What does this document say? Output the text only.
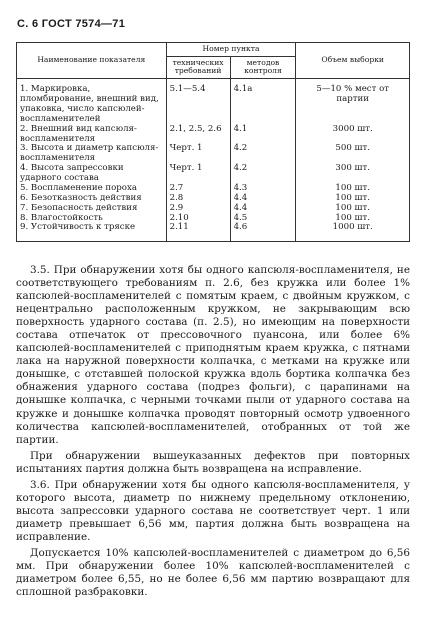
С. 6 ГОСТ 7574—71
Наименование показателя	Номер пункта		Объем выборки
	технических требований	методов контроля	
1. Маркировка, пломбирование, внешний вид, упаковка, число капсюлей-воспламенителей	5.1—5.4	4.1а	5—10 % мест от партии
2. Внешний вид капсюля-воспламенителя	2.1, 2.5, 2.6	4.1	3000 шт.
3. Высота и диаметр капсюля-воспламенителя	Черт. 1	4.2	500 шт.
4. Высота запрессовки ударного состава	Черт. 1	4.2	300 шт.
5. Воспламенение пороха	2.7	4.3	100 шт.
6. Безотказность действия	2.8	4.4	100 шт.
7. Безопасность действия	2.9	4.4	100 шт.
8. Влагостойкость	2.10	4.5	100 шт.
9. Устойчивость к тряске	2.11	4.6	1000 шт.

3.5. При обнаружении хотя бы одного капсюля-воспламенителя, не соответствующего требованиям п. 2.6, без кружка или более 1% капсюлей-воспламенителей с помятым краем, с двойным кружком, с нецентрально расположенным кружком, не закрывающим всю поверхность ударного состава (п. 2.5), но имеющим на поверхности состава отпечаток от прессовочного пуансона, или более 6% капсюлей-воспламенителей с приподнятым краем кружка, с пятнами лака на наружной поверхности колпачка, с метками на кружке или донышке, с отставшей полоской кружка вдоль бортика колпачка без обнажения ударного состава (подрез фольги), с царапинами на донышке колпачка, с черными точками пыли от ударного состава на кружке и донышке колпачка проводят повторный осмотр удвоенного количества капсюлей-воспламенителей, отобранных от той же партии.

При обнаружении вышеуказанных дефектов при повторных испытаниях партия должна быть возвращена на исправление.

3.6. При обнаружении хотя бы одного капсюля-воспламенителя, у которого высота, диаметр по нижнему предельному отклонению, высота запрессовки ударного состава не соответствует черт. 1 или диаметр превышает 6,56 мм, партия должна быть возвращена на исправление.

Допускается 10% капсюлей-воспламенителей с диаметром до 6,56 мм. При обнаружении более 10% капсюлей-воспламенителей с диаметром более 6,55, но не более 6,56 мм партию возвращают для сплошной разбраковки.
